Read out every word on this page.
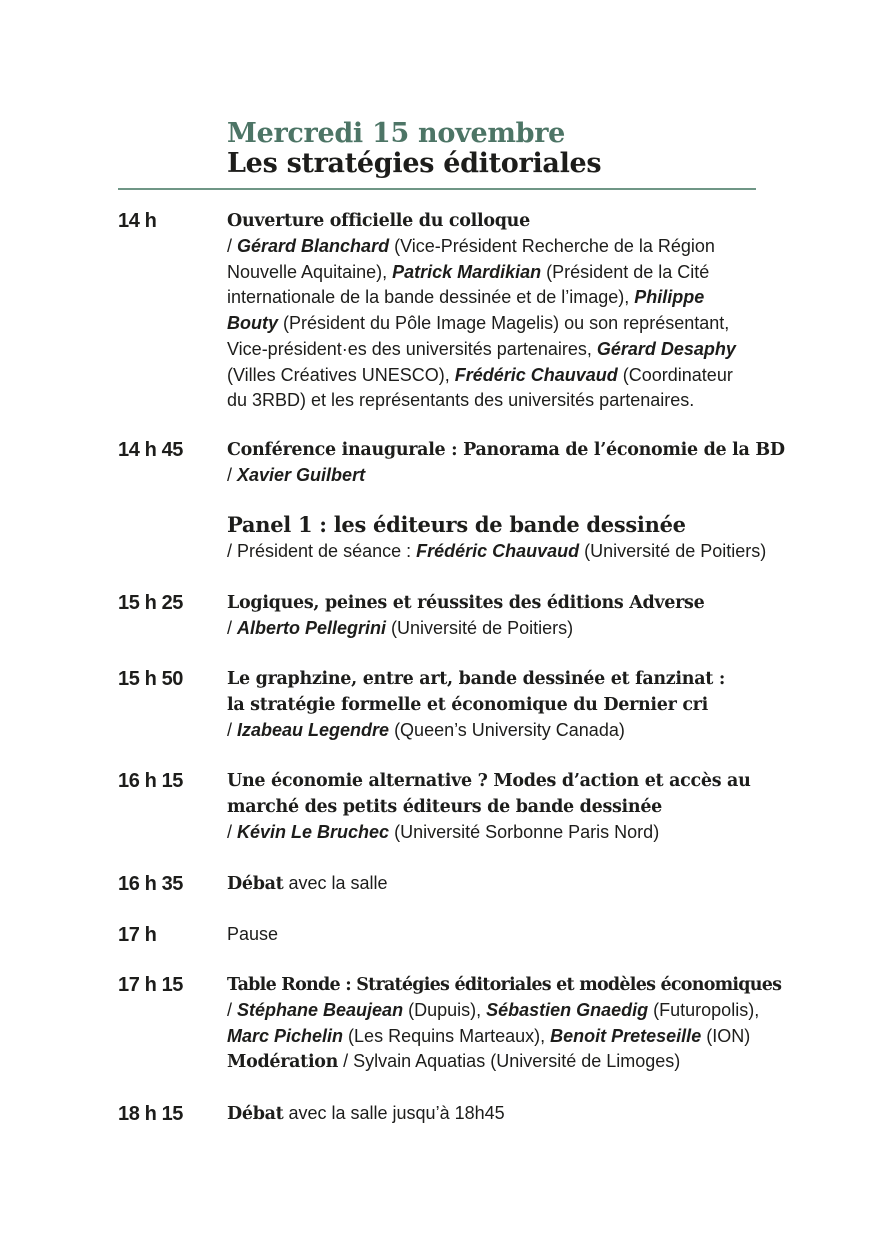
Mercredi 15 novembre
Les stratégies éditoriales
14 h	Ouverture officielle du colloque
/ Gérard Blanchard (Vice-Président Recherche de la Région
Nouvelle Aquitaine), Patrick Mardikian (Président de la Cité
internationale de la bande dessinée et de l’image), Philippe
Bouty (Président du Pôle Image Magelis) ou son représentant,
Vice-président·es des universités partenaires, Gérard Desaphy
(Villes Créatives UNESCO), Frédéric Chauvaud (Coordinateur
du 3RBD) et les représentants des universités partenaires.
14 h 45	Conférence inaugurale : Panorama de l’économie de la BD
/ Xavier Guilbert
Panel 1 : les éditeurs de bande dessinée
/ Président de séance : Frédéric Chauvaud (Université de Poitiers)
15 h 25	Logiques, peines et réussites des éditions Adverse
/ Alberto Pellegrini (Université de Poitiers)
15 h 50	Le graphzine, entre art, bande dessinée et fanzinat :
la stratégie formelle et économique du Dernier cri
/ Izabeau Legendre (Queen’s University Canada)
16 h 15	Une économie alternative ? Modes d’action et accès au
marché des petits éditeurs de bande dessinée
/ Kévin Le Bruchec (Université Sorbonne Paris Nord)
16 h 35	Débat avec la salle
17 h	Pause
17 h 15	Table Ronde : Stratégies éditoriales et modèles économiques
/ Stéphane Beaujean (Dupuis), Sébastien Gnaedig (Futuropolis),
Marc Pichelin (Les Requins Marteaux), Benoit Preteseille (ION)
Modération / Sylvain Aquatias (Université de Limoges)
18 h 15	Débat avec la salle jusqu’à 18h45
